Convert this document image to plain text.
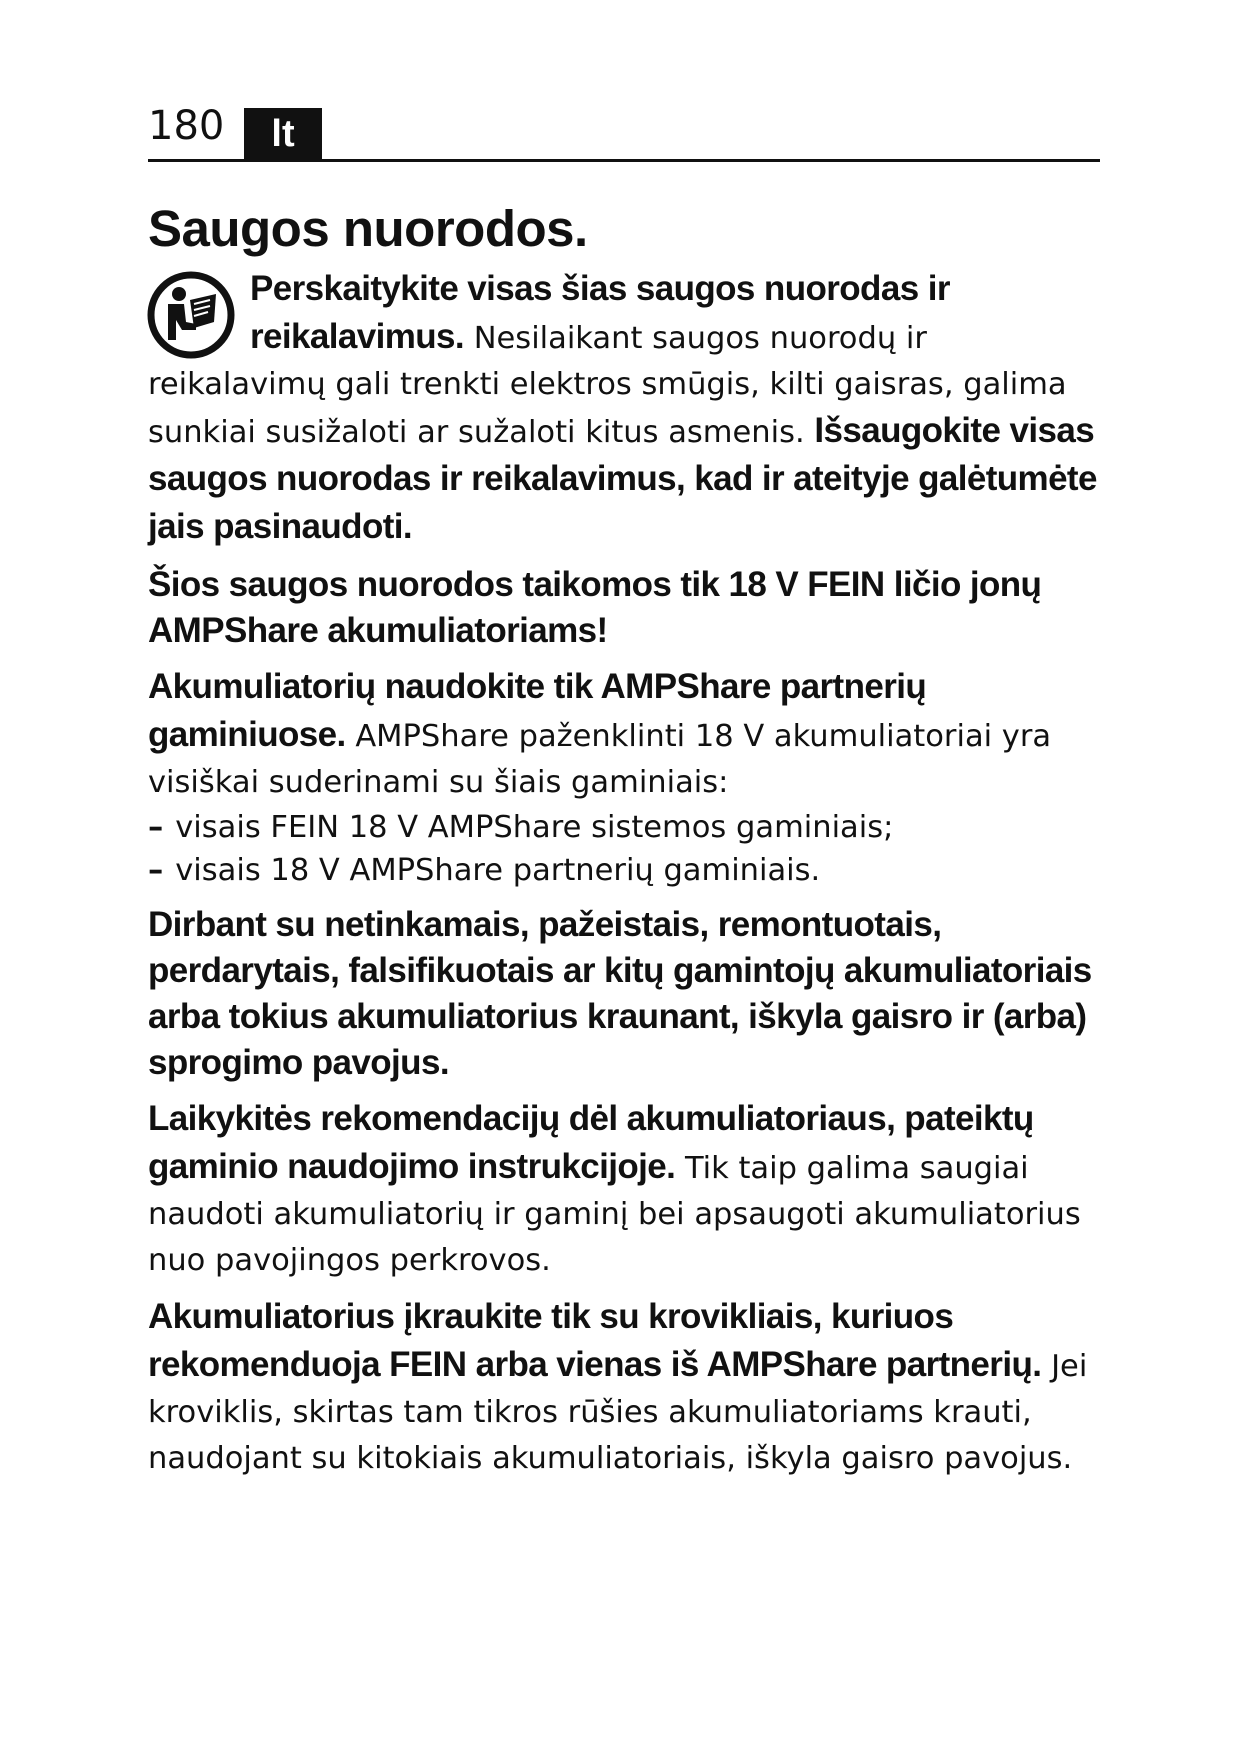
180	lt
Saugos nuorodos.

Perskaitykite visas šias saugos nuorodas ir reikalavimus. Nesilaikant saugos nuorodų ir reikalavimų gali trenkti elektros smūgis, kilti gaisras, galima sunkiai susižaloti ar sužaloti kitus asmenis. Išsaugokite visas saugos nuorodas ir reikalavimus, kad ir ateityje galėtumėte jais pasinaudoti.

Šios saugos nuorodos taikomos tik 18 V FEIN ličio jonų AMPShare akumuliatoriams!

Akumuliatorių naudokite tik AMPShare partnerių gaminiuose. AMPShare paženklinti 18 V akumuliatoriai yra visiškai suderinami su šiais gaminiais:

– visais FEIN 18 V AMPShare sistemos gaminiais;
– visais 18 V AMPShare partnerių gaminiais.

Dirbant su netinkamais, pažeistais, remontuotais, perdarytais, falsifikuotais ar kitų gamintojų akumuliatoriais arba tokius akumuliatorius kraunant, iškyla gaisro ir (arba) sprogimo pavojus.

Laikykitės rekomendacijų dėl akumuliatoriaus, pateiktų gaminio naudojimo instrukcijoje. Tik taip galima saugiai naudoti akumuliatorių ir gaminį bei apsaugoti akumuliatorius nuo pavojingos perkrovos.

Akumuliatorius įkraukite tik su krovikliais, kuriuos rekomenduoja FEIN arba vienas iš AMPShare partnerių. Jei kroviklis, skirtas tam tikros rūšies akumuliatoriams krauti, naudojant su kitokiais akumuliatoriais, iškyla gaisro pavojus.
